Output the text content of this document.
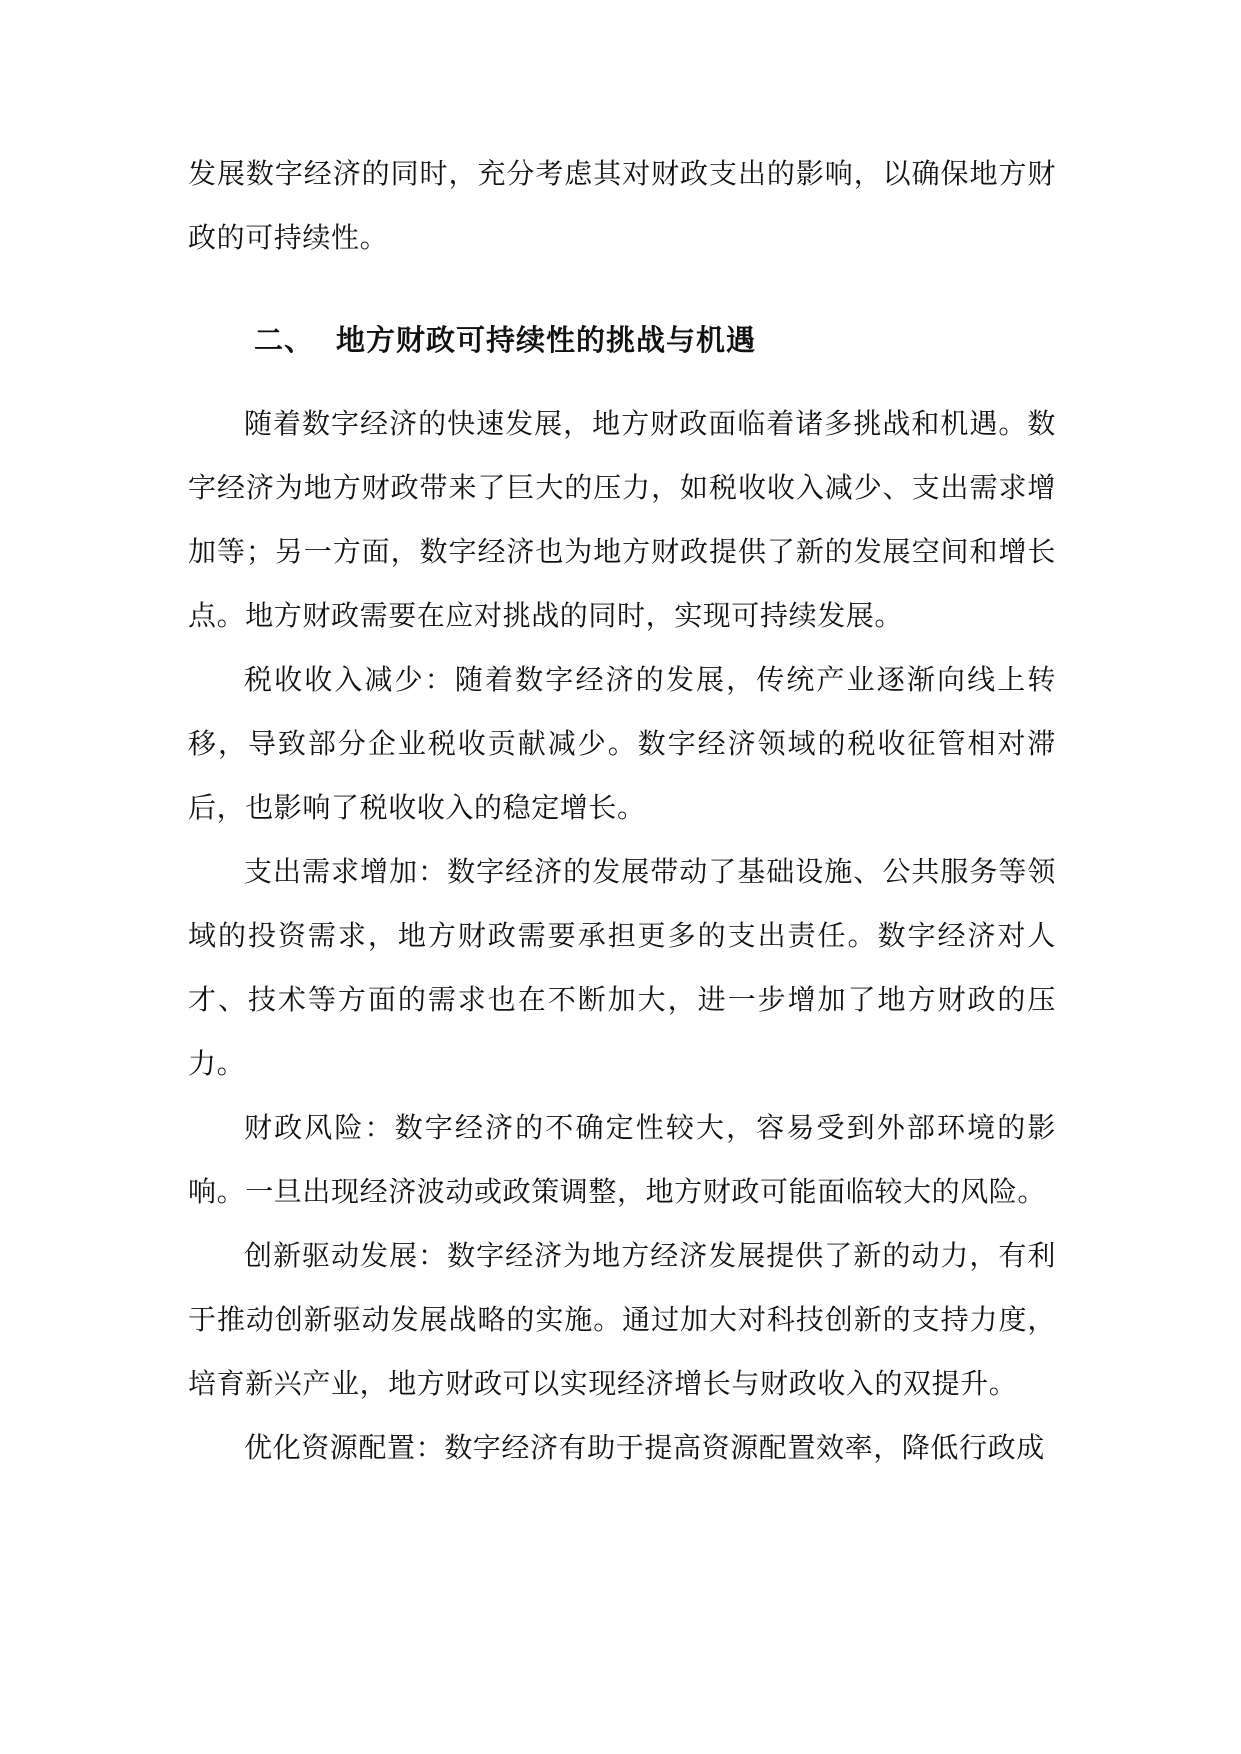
发展数字经济的同时，充分考虑其对财政支出的影响，以确保地方财政的可持续性。

二、 地方财政可持续性的挑战与机遇

随着数字经济的快速发展，地方财政面临着诸多挑战和机遇。数字经济为地方财政带来了巨大的压力，如税收收入减少、支出需求增加等；另一方面，数字经济也为地方财政提供了新的发展空间和增长点。地方财政需要在应对挑战的同时，实现可持续发展。

税收收入减少：随着数字经济的发展，传统产业逐渐向线上转移，导致部分企业税收贡献减少。数字经济领域的税收征管相对滞后，也影响了税收收入的稳定增长。

支出需求增加：数字经济的发展带动了基础设施、公共服务等领域的投资需求，地方财政需要承担更多的支出责任。数字经济对人才、技术等方面的需求也在不断加大，进一步增加了地方财政的压力。

财政风险：数字经济的不确定性较大，容易受到外部环境的影响。一旦出现经济波动或政策调整，地方财政可能面临较大的风险。

创新驱动发展：数字经济为地方经济发展提供了新的动力，有利于推动创新驱动发展战略的实施。通过加大对科技创新的支持力度，培育新兴产业，地方财政可以实现经济增长与财政收入的双提升。

优化资源配置：数字经济有助于提高资源配置效率，降低行政成
